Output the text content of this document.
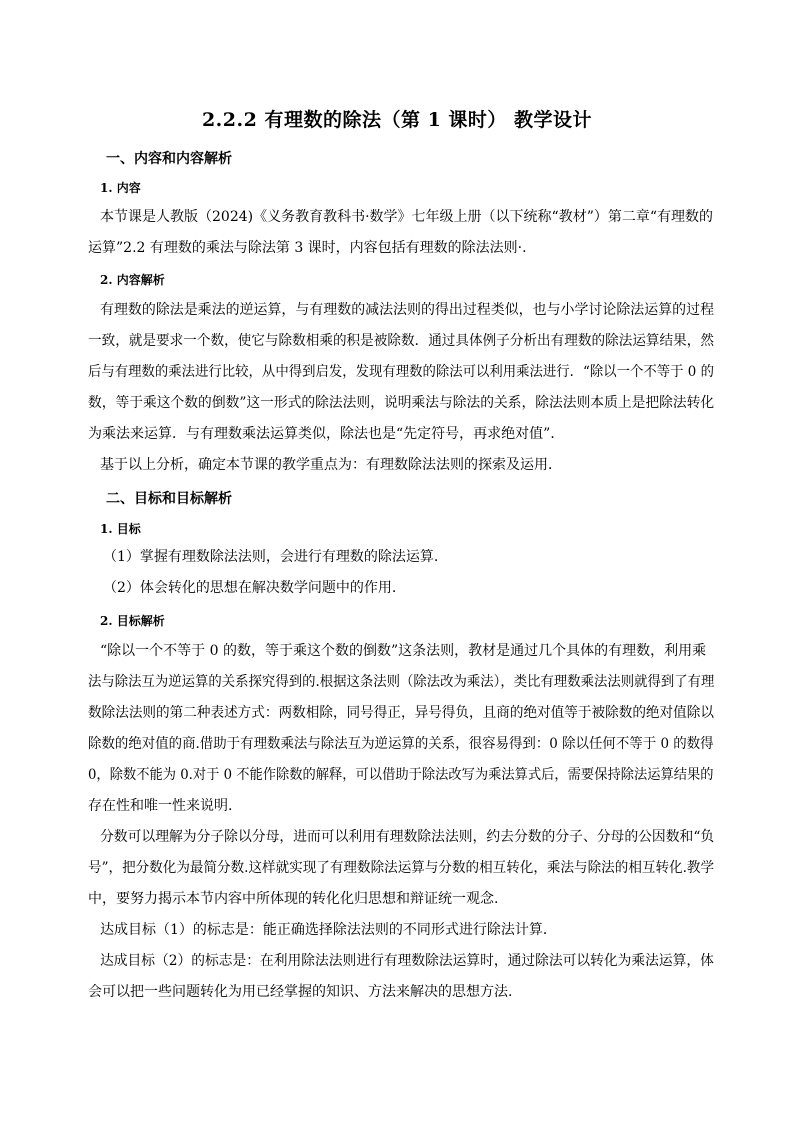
2.2.2 有理数的除法（第 1 课时） 教学设计
一、内容和内容解析
1. 内容
本节课是人教版（2024)《义务教育教科书·数学》七年级上册（以下统称“教材”）第二章“有理数的
运算”2.2 有理数的乘法与除法第 3 课时，内容包括有理数的除法法则·.
2. 内容解析
有理数的除法是乘法的逆运算，与有理数的减法法则的得出过程类似，也与小学讨论除法运算的过程
一致，就是要求一个数，使它与除数相乘的积是被除数．通过具体例子分析出有理数的除法运算结果，然
后与有理数的乘法进行比较，从中得到启发，发现有理数的除法可以利用乘法进行．“除以一个不等于 0 的
数，等于乘这个数的倒数”这一形式的除法法则，说明乘法与除法的关系，除法法则本质上是把除法转化
为乘法来运算．与有理数乘法运算类似，除法也是“先定符号，再求绝对值”．
基于以上分析，确定本节课的教学重点为：有理数除法法则的探索及运用．
二、目标和目标解析
1. 目标
（1）掌握有理数除法法则，会进行有理数的除法运算.
（2）体会转化的思想在解决数学问题中的作用.
2. 目标解析
“除以一个不等于 0 的数，等于乘这个数的倒数”这条法则，教材是通过几个具体的有理数，利用乘
法与除法互为逆运算的关系探究得到的.根据这条法则（除法改为乘法），类比有理数乘法法则就得到了有理
数除法法则的第二种表述方式：两数相除，同号得正，异号得负，且商的绝对值等于被除数的绝对值除以
除数的绝对值的商.借助于有理数乘法与除法互为逆运算的关系，很容易得到：0 除以任何不等于 0 的数得
0，除数不能为 0.对于 0 不能作除数的解释，可以借助于除法改写为乘法算式后，需要保持除法运算结果的
存在性和唯一性来说明.
分数可以理解为分子除以分母，进而可以利用有理数除法法则，约去分数的分子、分母的公因数和“负
号”，把分数化为最简分数.这样就实现了有理数除法运算与分数的相互转化，乘法与除法的相互转化.教学
中，要努力揭示本节内容中所体现的转化化归思想和辩证统一观念.
达成目标（1）的标志是：能正确选择除法法则的不同形式进行除法计算．
达成目标（2）的标志是：在利用除法法则进行有理数除法运算时，通过除法可以转化为乘法运算，体
会可以把一些问题转化为用已经掌握的知识、方法来解决的思想方法.
